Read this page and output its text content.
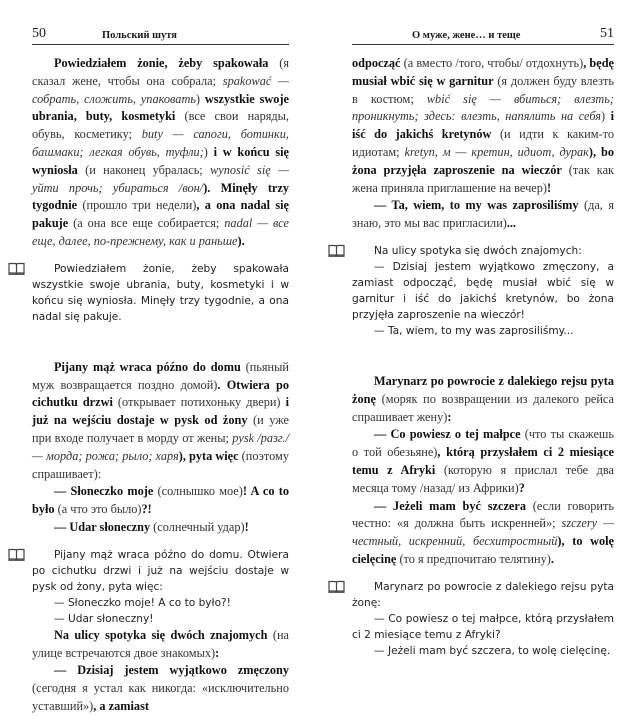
50	Польский шутя

Powiedziałem żonie, żeby spakowała (я сказал жене, чтобы она собрала; spakować — собрать, сложить, упаковать) wszystkie swoje ubrania, buty, kosmetyki (все свои наряды, обувь, косметику; buty — сапоги, ботинки, башмаки; легкая обувь, туфли;) i w końcu się wyniosła (и наконец убралась; wynosić się — уйти прочь; убираться /вон/). Minęły trzy tygodnie (прошло три недели), a ona nadal się pakuje (а она все еще собирается; nadal — все еще, далее, по-прежнему, как и раньше).

Powiedziałem żonie, żeby spakowała wszystkie swoje ubrania, buty, kosmetyki i w końcu się wyniosła. Minęły trzy tygodnie, a ona nadal się pakuje.

Pijany mąż wraca późno do domu (пьяный муж возвращается поздно домой). Otwiera po cichutku drzwi (открывает потихоньку двери) i już na wejściu dostaje w pysk od żony (и уже при входе получает в морду от жены; pysk /разг./ — морда; рожа; рыло; харя), pyta więc (поэтому спрашивает):

— Słoneczko moje (солнышко мое)! A co to było (а что это было)?!

— Udar słoneczny (солнечный удар)!

Pijany mąż wraca późno do domu. Otwiera po cichutku drzwi i już na wejściu dostaje w pysk od żony, pyta więc:

— Słoneczko moje! A co to było?!

— Udar słoneczny!

Na ulicy spotyka się dwóch znajomych (на улице встречаются двое знакомых):

— Dzisiaj jestem wyjątkowo zmęczony (сегодня я устал как никогда: «исключительно уставший»), a zamiast

О муже, жене… и теще	51

odpocząć (а вместо /того, чтобы/ отдохнуть), będę musiał wbić się w garnitur (я должен буду влезть в костюм; wbić się — вбиться; влезть; проникнуть; здесь: влезть, напялить на себя) i iść do jakichś kretynów (и идти к каким-то идиотам; kretyn, м — кретин, идиот, дурак), bo żona przyjęła zaproszenie na wieczór (так как жена приняла приглашение на вечер)!

— Ta, wiem, to my was zaprosiliśmy (да, я знаю, это мы вас пригласили)...

Na ulicy spotyka się dwóch znajomych:

— Dzisiaj jestem wyjątkowo zmęczony, a zamiast odpocząć, będę musiał wbić się w garnitur i iść do jakichś kretynów, bo żona przyjęła zaproszenie na wieczór!

— Ta, wiem, to my was zaprosiliśmy...

Marynarz po powrocie z dalekiego rejsu pyta żonę (моряк по возвращении из далекого рейса спрашивает жену):

— Co powiesz o tej małpce (что ты скажешь о той обезьяне), którą przysłałem ci 2 miesiące temu z Afryki (которую я прислал тебе два месяца тому /назад/ из Африки)?

— Jeżeli mam być szczera (если говорить честно: «я должна быть искренней»; szczery — честный, искренний, бесхитростный), to wolę cielęcinę (то я предпочитаю телятину).

Marynarz po powrocie z dalekiego rejsu pyta żonę:

— Co powiesz o tej małpce, którą przysłałem ci 2 miesiące temu z Afryki?

— Jeżeli mam być szczera, to wolę cielęcinę.
